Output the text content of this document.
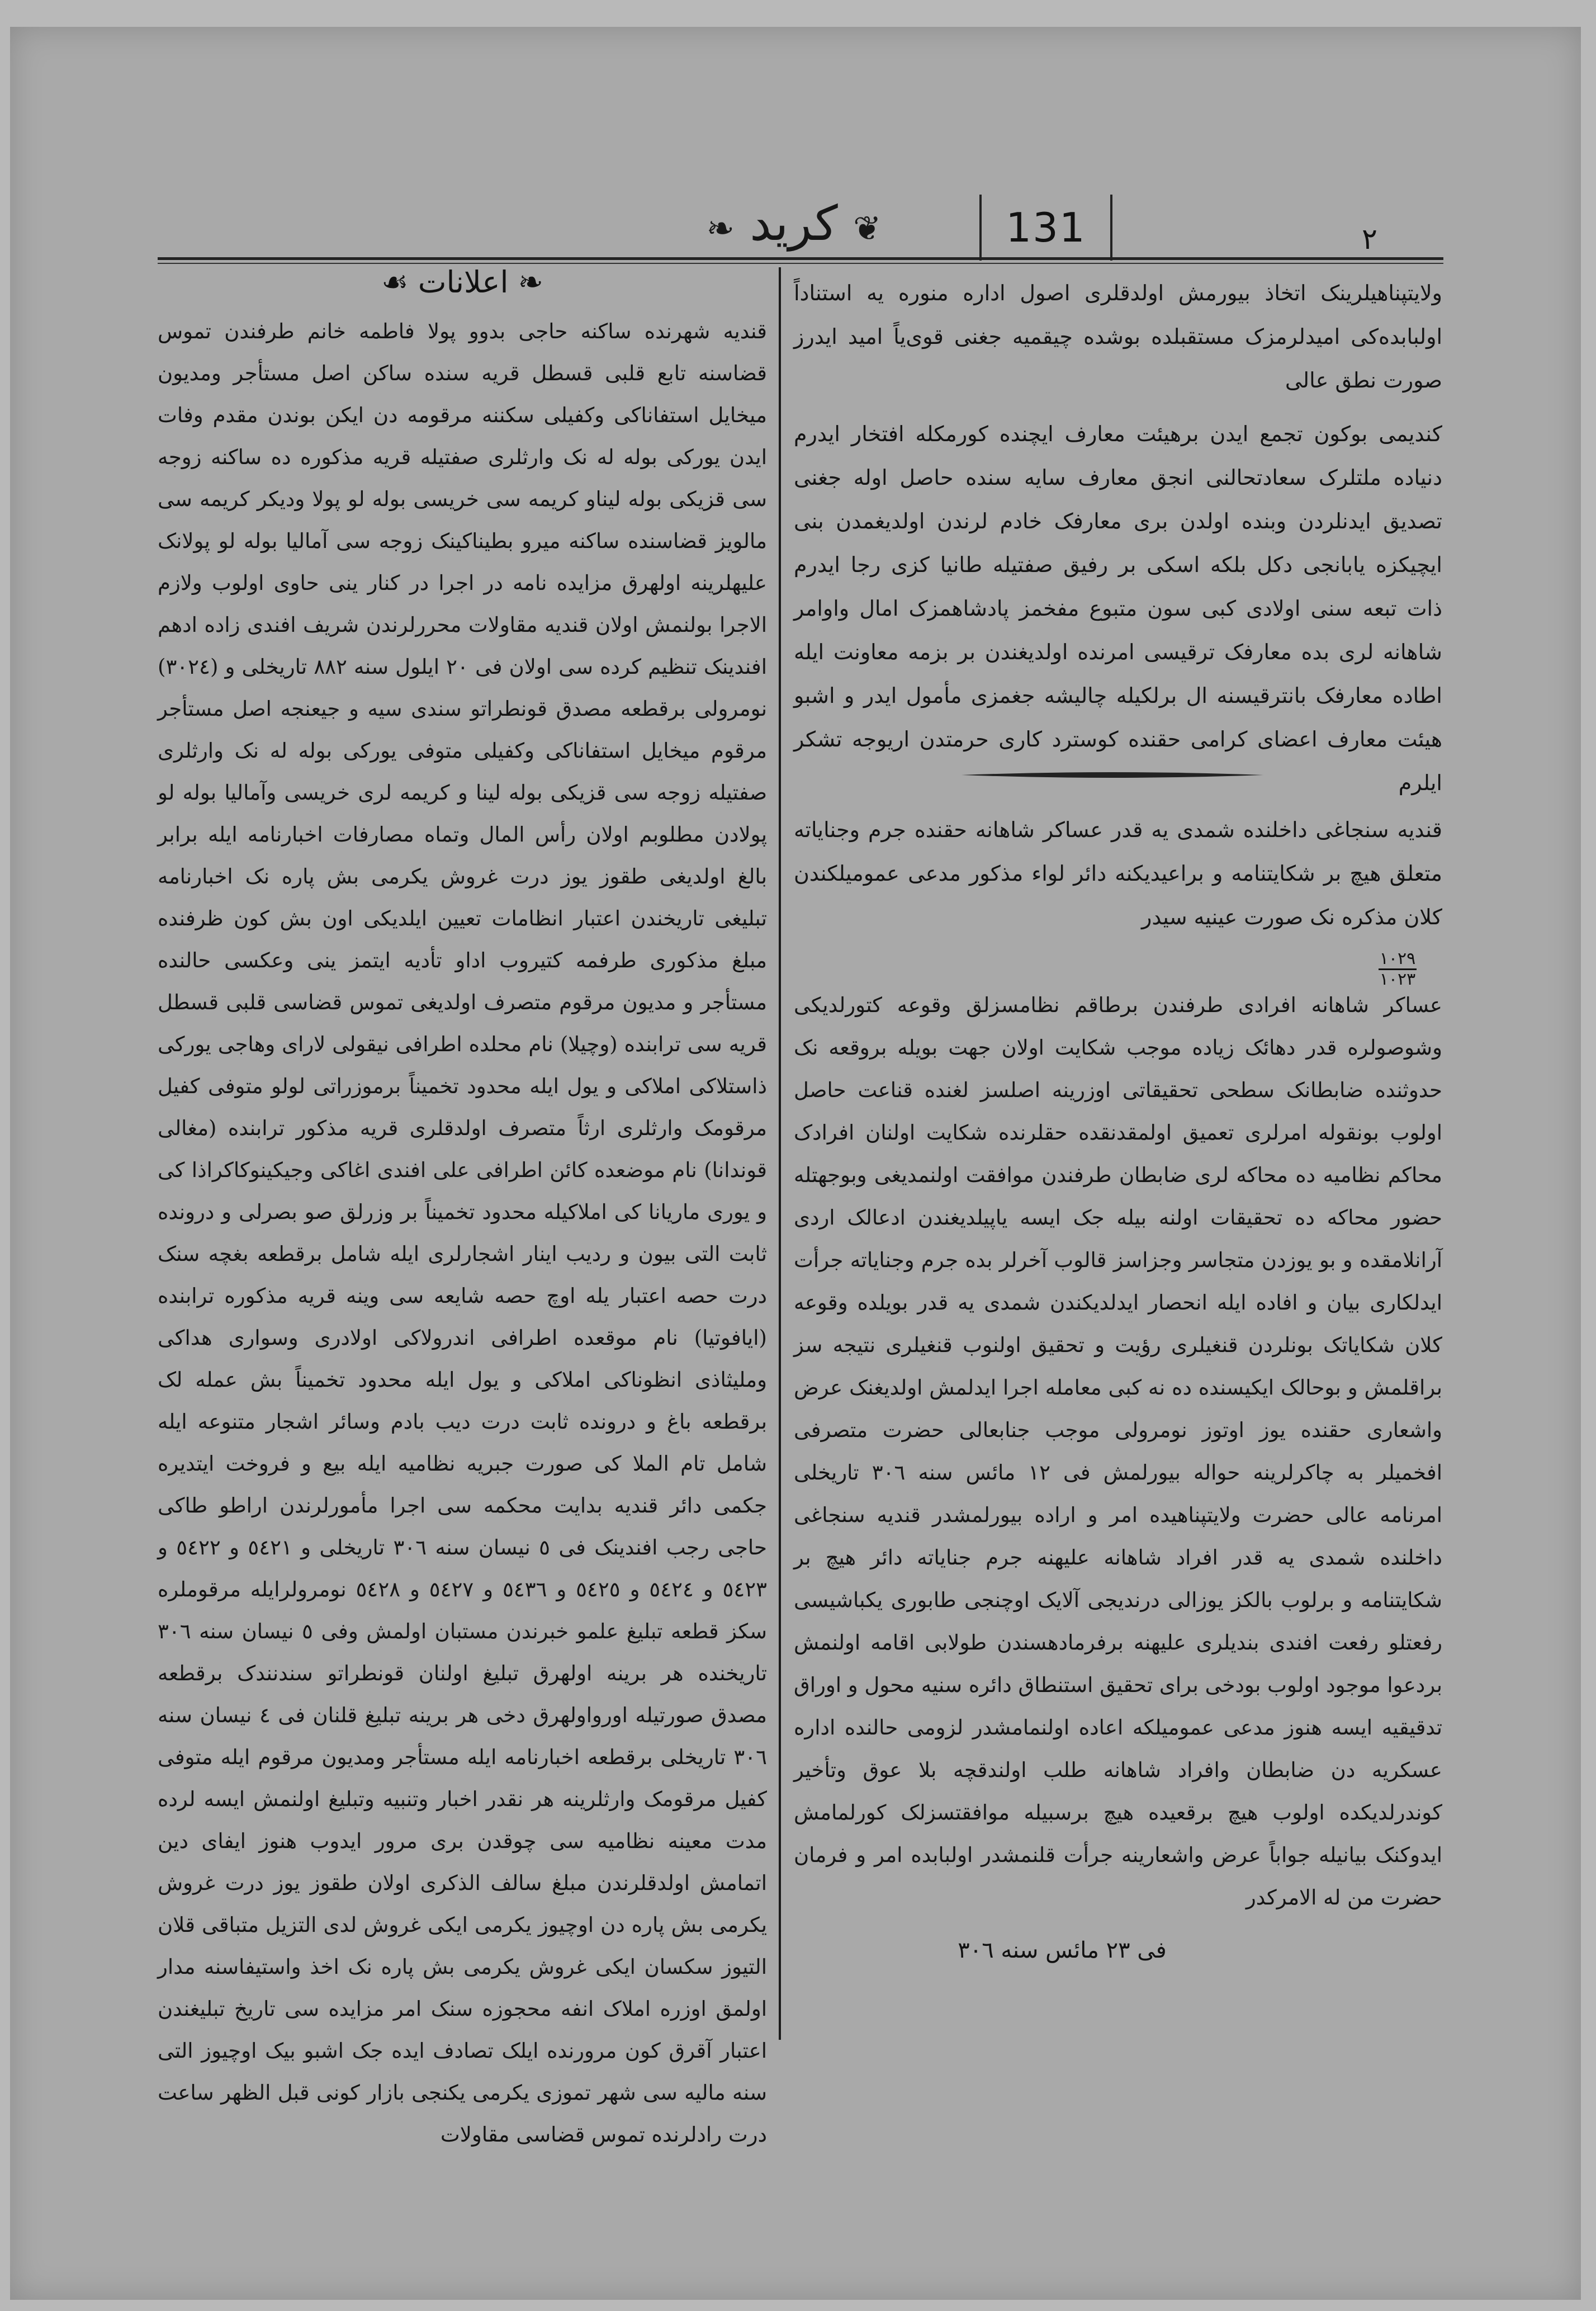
❦ کرید ❧	131	٢

ولایتپناهیلرینک اتخاذ بیورمش اولدقلری اصول اداره منوره یه استناداً اولبابده‌کی امیدلرمزک مستقبلده بوشده چیقمیه جغنی قوی‌یاً امید ایدرز صورت نطق عالی

کندیمی بوکون تجمع ایدن برهیئت معارف ایچنده کورمکله افتخار ایدرم دنیاده ملتلرک سعادتحالنی انجق معارف سایه سنده حاصل اوله جغنی تصدیق ایدنلردن وبنده اولدن بری معارفک خادم لرندن اولدیغمدن بنی ایچیکزه یابانجی دکل بلکه اسکی بر رفیق صفتیله طانیا کزی رجا ایدرم ذات تبعه سنی اولادی کبی سون متبوع مفخمز پادشاهمزک امال واوامر شاهانه لری بده معارفک ترقیسی امرنده اولدیغندن بر بزمه معاونت ایله اطاده معارفک بانترقیسنه ال برلکیله چالیشه جغمزی مأمول ایدر و اشبو هیئت معارف اعضای کرامی حقنده کوسترد کاری حرمتدن اریوجه تشکر ایلرم

قندیه سنجاغی داخلنده شمدی یه قدر عساکر شاهانه حقنده جرم وجنایاته متعلق هیچ بر شکایتنامه و براعیدیکنه دائر لواء مذکور مدعی عمومیلکندن کلان مذکره نک صورت عینیه سیدر

١٠٢٩
١٠٢٣

عساکر شاهانه افرادی طرفندن برطاقم نظامسزلق وقوعه کتورلدیکی وشوصولره قدر دهائک زیاده موجب شکایت اولان جهت بویله بروقعه نک حدوثنده ضابطانک سطحی تحقیقاتی اوزرینه اصلسز لغنده قناعت حاصل اولوب بونقوله امرلری تعمیق اولمقدنقده حقلرنده شکایت اولنان افرادک محاکم نظامیه ده محاکه لری ضابطان طرفندن موافقت اولنمدیغی وبوجهتله حضور محاکه ده تحقیقات اولنه بیله جک ایسه یاپیلدیغندن ادعالک اردی آرانلامقده و بو یوزدن متجاسر وجزاسز قالوب آخرلر بده جرم وجنایاته جرأت ایدلکاری بیان و افاده ایله انحصار ایدلدیکندن شمدی یه قدر بویلده وقوعه کلان شکایاتک بونلردن قنغیلری رؤیت و تحقیق اولنوب قنغیلری نتیجه سز براقلمش و بوحالک ایکیسنده ده نه کبی معامله اجرا ایدلمش اولدیغنک عرض واشعاری حقنده یوز اوتوز نومرولی موجب جنابعالی حضرت متصرفی افخمیلر به چاکرلرینه حواله بیورلمش فی ١٢ مائس سنه ٣٠٦ تاریخلی امرنامه عالی حضرت ولایتپناهیده امر و اراده بیورلمشدر قندیه سنجاغی داخلنده شمدی یه قدر افراد شاهانه علیهنه جرم جنایاته دائر هیچ بر شکایتنامه و برلوب بالکز یوزالی درندیجی آلایک اوچنجی طابوری یکباشیسی رفعتلو رفعت افندی بندیلری علیهنه برفرمادهسندن طولابی اقامه اولنمش بردعوا موجود اولوب بودخی برای تحقیق استنطاق دائره سنیه محول و اوراق تدقیقیه ایسه هنوز مدعی عمومیلکه اعاده اولنمامشدر لزومی حالنده اداره عسکریه دن ضابطان وافراد شاهانه طلب اولندقچه بلا عوق وتأخیر کوندرلدیکده اولوب هیچ برقعیده هیچ برسبیله موافقتسزلک کورلمامش ایدوکنک بیانیله جواباً عرض واشعارینه جرأت قلنمشدر اولبابده امر و فرمان حضرت من له الامرکدر

فی ٢٣ مائس سنه ٣٠٦
❧ اعلانات ☙

قندیه شهرنده ساکنه حاجی بدوو پولا فاطمه خانم طرفندن تموس قضاسنه تابع قلبی قسطل قریه سنده ساکن اصل مستأجر ومدیون میخایل استفاناکی وکفیلی سکننه مرقومه دن ایکن بوندن مقدم وفات ایدن یورکی بوله له نک وارثلری صفتیله قریه مذکوره ده ساکنه زوجه سی قزیکی بوله لیناو کریمه سی خریسی بوله لو پولا ودیکر کریمه سی مالویز قضاسنده ساکنه میرو بطیناکینک زوجه سی آمالیا بوله لو پولانک علیهلرینه اولهرق مزایده نامه در اجرا در کنار ینی حاوی اولوب ولازم الاجرا بولنمش اولان قندیه مقاولات محررلرندن شریف افندی زاده ادهم افندینک تنظیم کرده سی اولان فی ٢٠ ایلول سنه ٨٨٢ تاریخلی و (٣٠٢٤) نومرولی برقطعه مصدق قونطراتو سندی سیه و جیعنجه اصل مستأجر مرقوم میخایل استفاناکی وکفیلی متوفی یورکی بوله له نک وارثلری صفتیله زوجه سی قزیکی بوله لینا و کریمه لری خریسی وآمالیا بوله لو پولادن مطلوبم اولان رأس المال وتماه مصارفات اخبارنامه ایله برابر بالغ اولدیغی طقوز یوز درت غروش یکرمی بش پاره نک اخبارنامه تبلیغی تاریخندن اعتبار انظامات تعیین ایلدیکی اون بش کون ظرفنده مبلغ مذکوری طرفمه کتیروب اداو تأدیه ایتمز ینی وعکسی حالنده مستأجر و مدیون مرقوم متصرف اولدیغی تموس قضاسی قلبی قسطل قریه سی ترابنده (وچیلا) نام محلده اطرافی نیقولی لارای وهاجی یورکی ذاستلاکی املاکی و یول ایله محدود تخمیناً برموزراتی لولو متوفی کفیل مرقومک وارثلری ارثاً متصرف اولدقلری قریه مذکور ترابنده (مغالی قوندانا) نام موضعده کائن اطرافی علی افندی اغاکی وجیکینوکاکراذا کی و یوری ماریانا کی املاکیله محدود تخمیناً بر وزرلق صو بصرلی و درونده ثابت التی بیون و ردیب اینار اشجارلری ایله شامل برقطعه بغچه سنک درت حصه اعتبار یله اوچ حصه شایعه سی وینه قریه مذکوره ترابنده (ایافوتیا) نام موقعده اطرافی اندرولاکی اولادری وسواری هداکی وملیثاذی انظوناکی املاکی و یول ایله محدود تخمیناً بش عمله لک برقطعه باغ و درونده ثابت درت دیب بادم وسائر اشجار متنوعه ایله شامل تام الملا کی صورت جبریه نظامیه ایله بیع و فروخت ایتدیره جکمی دائر قندیه بدایت محکمه سی اجرا مأمورلرندن اراطو طاکی حاجی رجب افندینک فی ٥ نیسان سنه ٣٠٦ تاریخلی و ٥٤٢١ و ٥٤٢٢ و ٥٤٢٣ و ٥٤٢٤ و ٥٤٢٥ و ٥٤٣٦ و ٥٤٢٧ و ٥٤٢٨ نومرولرایله مرقوملره سکز قطعه تبلیغ علمو خبرندن مستبان اولمش وفی ٥ نیسان سنه ٣٠٦ تاریخنده هر برینه اولهرق تبلیغ اولنان قونطراتو سندنندک برقطعه مصدق صورتیله اورواولهرق دخی هر برینه تبلیغ قلنان فی ٤ نیسان سنه ٣٠٦ تاریخلی برقطعه اخبارنامه ایله مستأجر ومدیون مرقوم ایله متوفی کفیل مرقومک وارثلرینه هر نقدر اخبار وتنبیه وتبلیغ اولنمش ایسه لرده مدت معینه نظامیه سی چوقدن بری مرور ایدوب هنوز ایفای دین اتمامش اولدقلرندن مبلغ سالف الذکری اولان طقوز یوز درت غروش یکرمی بش پاره دن اوچیوز یکرمی ایکی غروش لدی التزیل متباقی قلان التیوز سکسان ایکی غروش یکرمی بش پاره نک اخذ واستیفاسنه مدار اولمق اوزره املاک انفه محجوزه سنک امر مزایده سی تاریخ تبلیغندن اعتبار آقرق کون مرورنده ایلک تصادف ایده جک اشبو بیک اوچیوز التی سنه مالیه سی شهر تموزی یکرمی یکنجی بازار کونی قبل الظهر ساعت درت رادلرنده تموس قضاسی مقاولات
